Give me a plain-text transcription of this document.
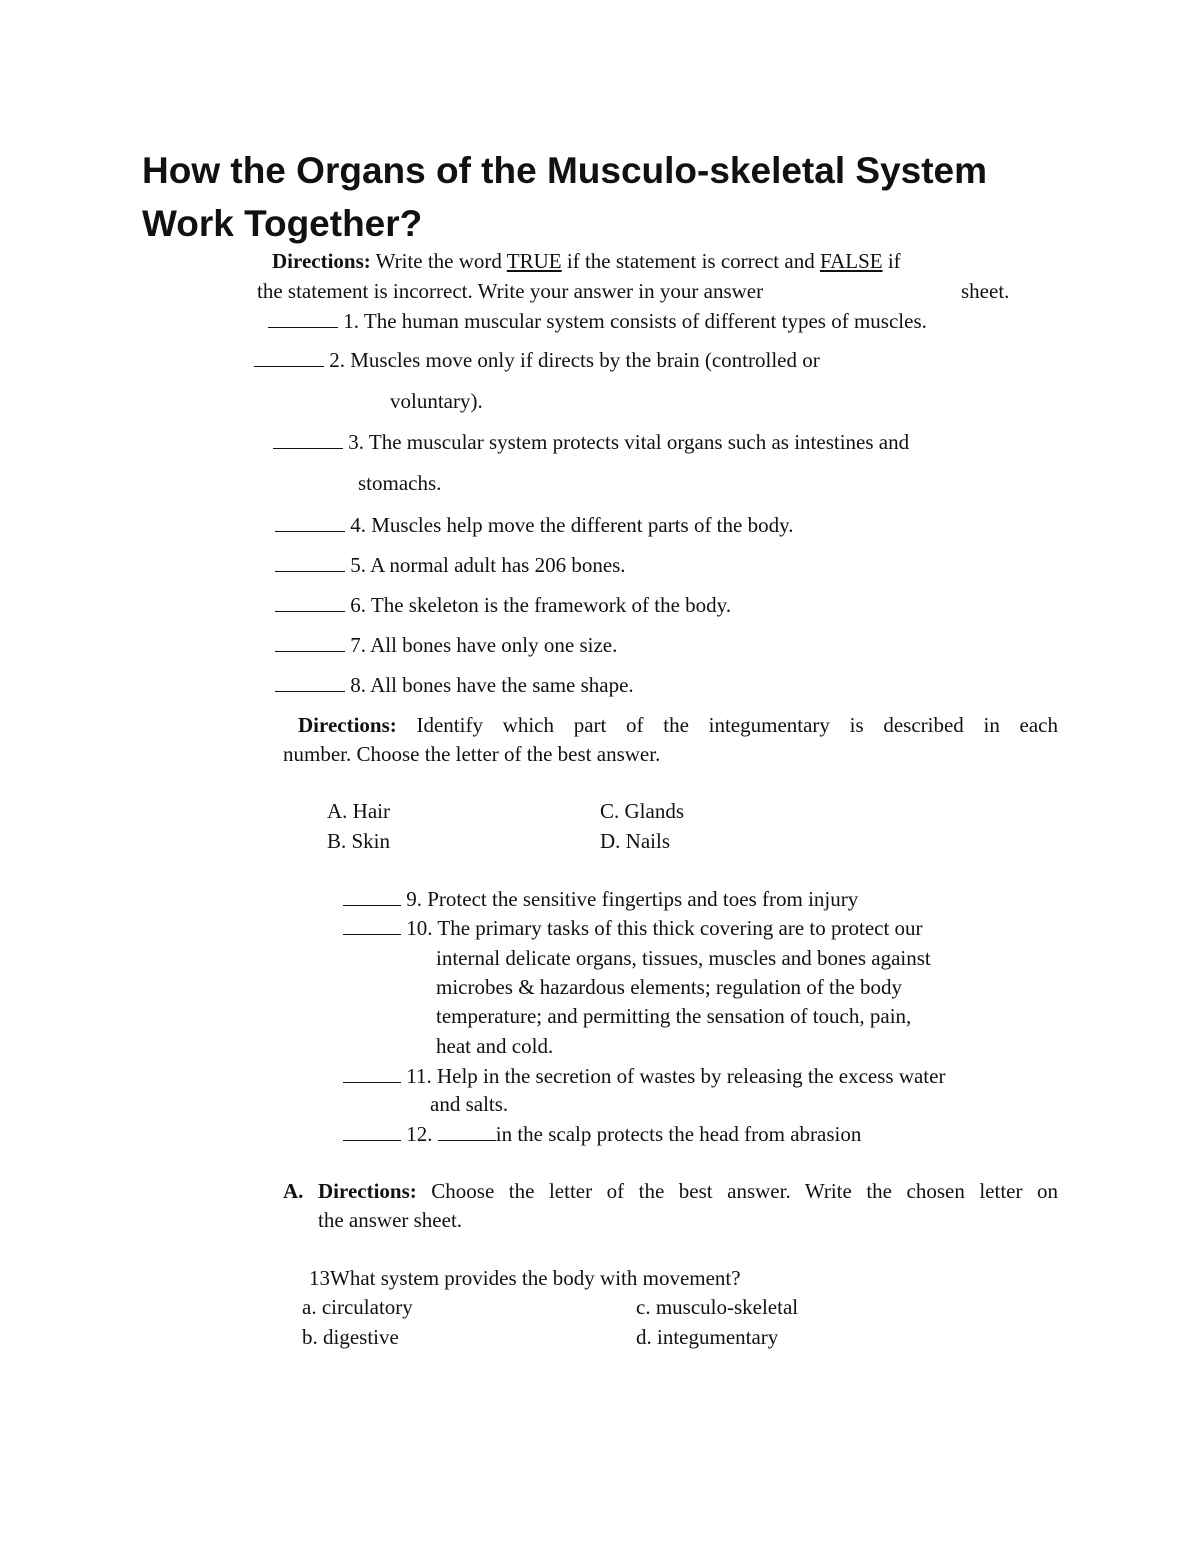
How the Organs of the Musculo-skeletal System
Work Together?
Directions: Write the word TRUE if the statement is correct and FALSE if
the statement is incorrect. Write your answer in your answer	sheet.
1. The human muscular system consists of different types of muscles.
2. Muscles move only if directs by the brain (controlled or
voluntary).
3. The muscular system protects vital organs such as intestines and
stomachs.
4. Muscles help move the different parts of the body.
5. A normal adult has 206 bones.
6. The skeleton is the framework of the body.
7. All bones have only one size.
8. All bones have the same shape.
Directions: Identify which part of the integumentary is described in each
number. Choose the letter of the best answer.
A. Hair	C. Glands
B. Skin	D. Nails
9. Protect the sensitive fingertips and toes from injury
10. The primary tasks of this thick covering are to protect our
internal delicate organs, tissues, muscles and bones against
microbes & hazardous elements; regulation of the body
temperature; and permitting the sensation of touch, pain,
heat and cold.
11. Help in the secretion of wastes by releasing the excess water
and salts.
12.	in the scalp protects the head from abrasion
A. Directions: Choose the letter of the best answer. Write the chosen letter on
the answer sheet.
13What system provides the body with movement?
a. circulatory	c. musculo-skeletal
b. digestive	d. integumentary
